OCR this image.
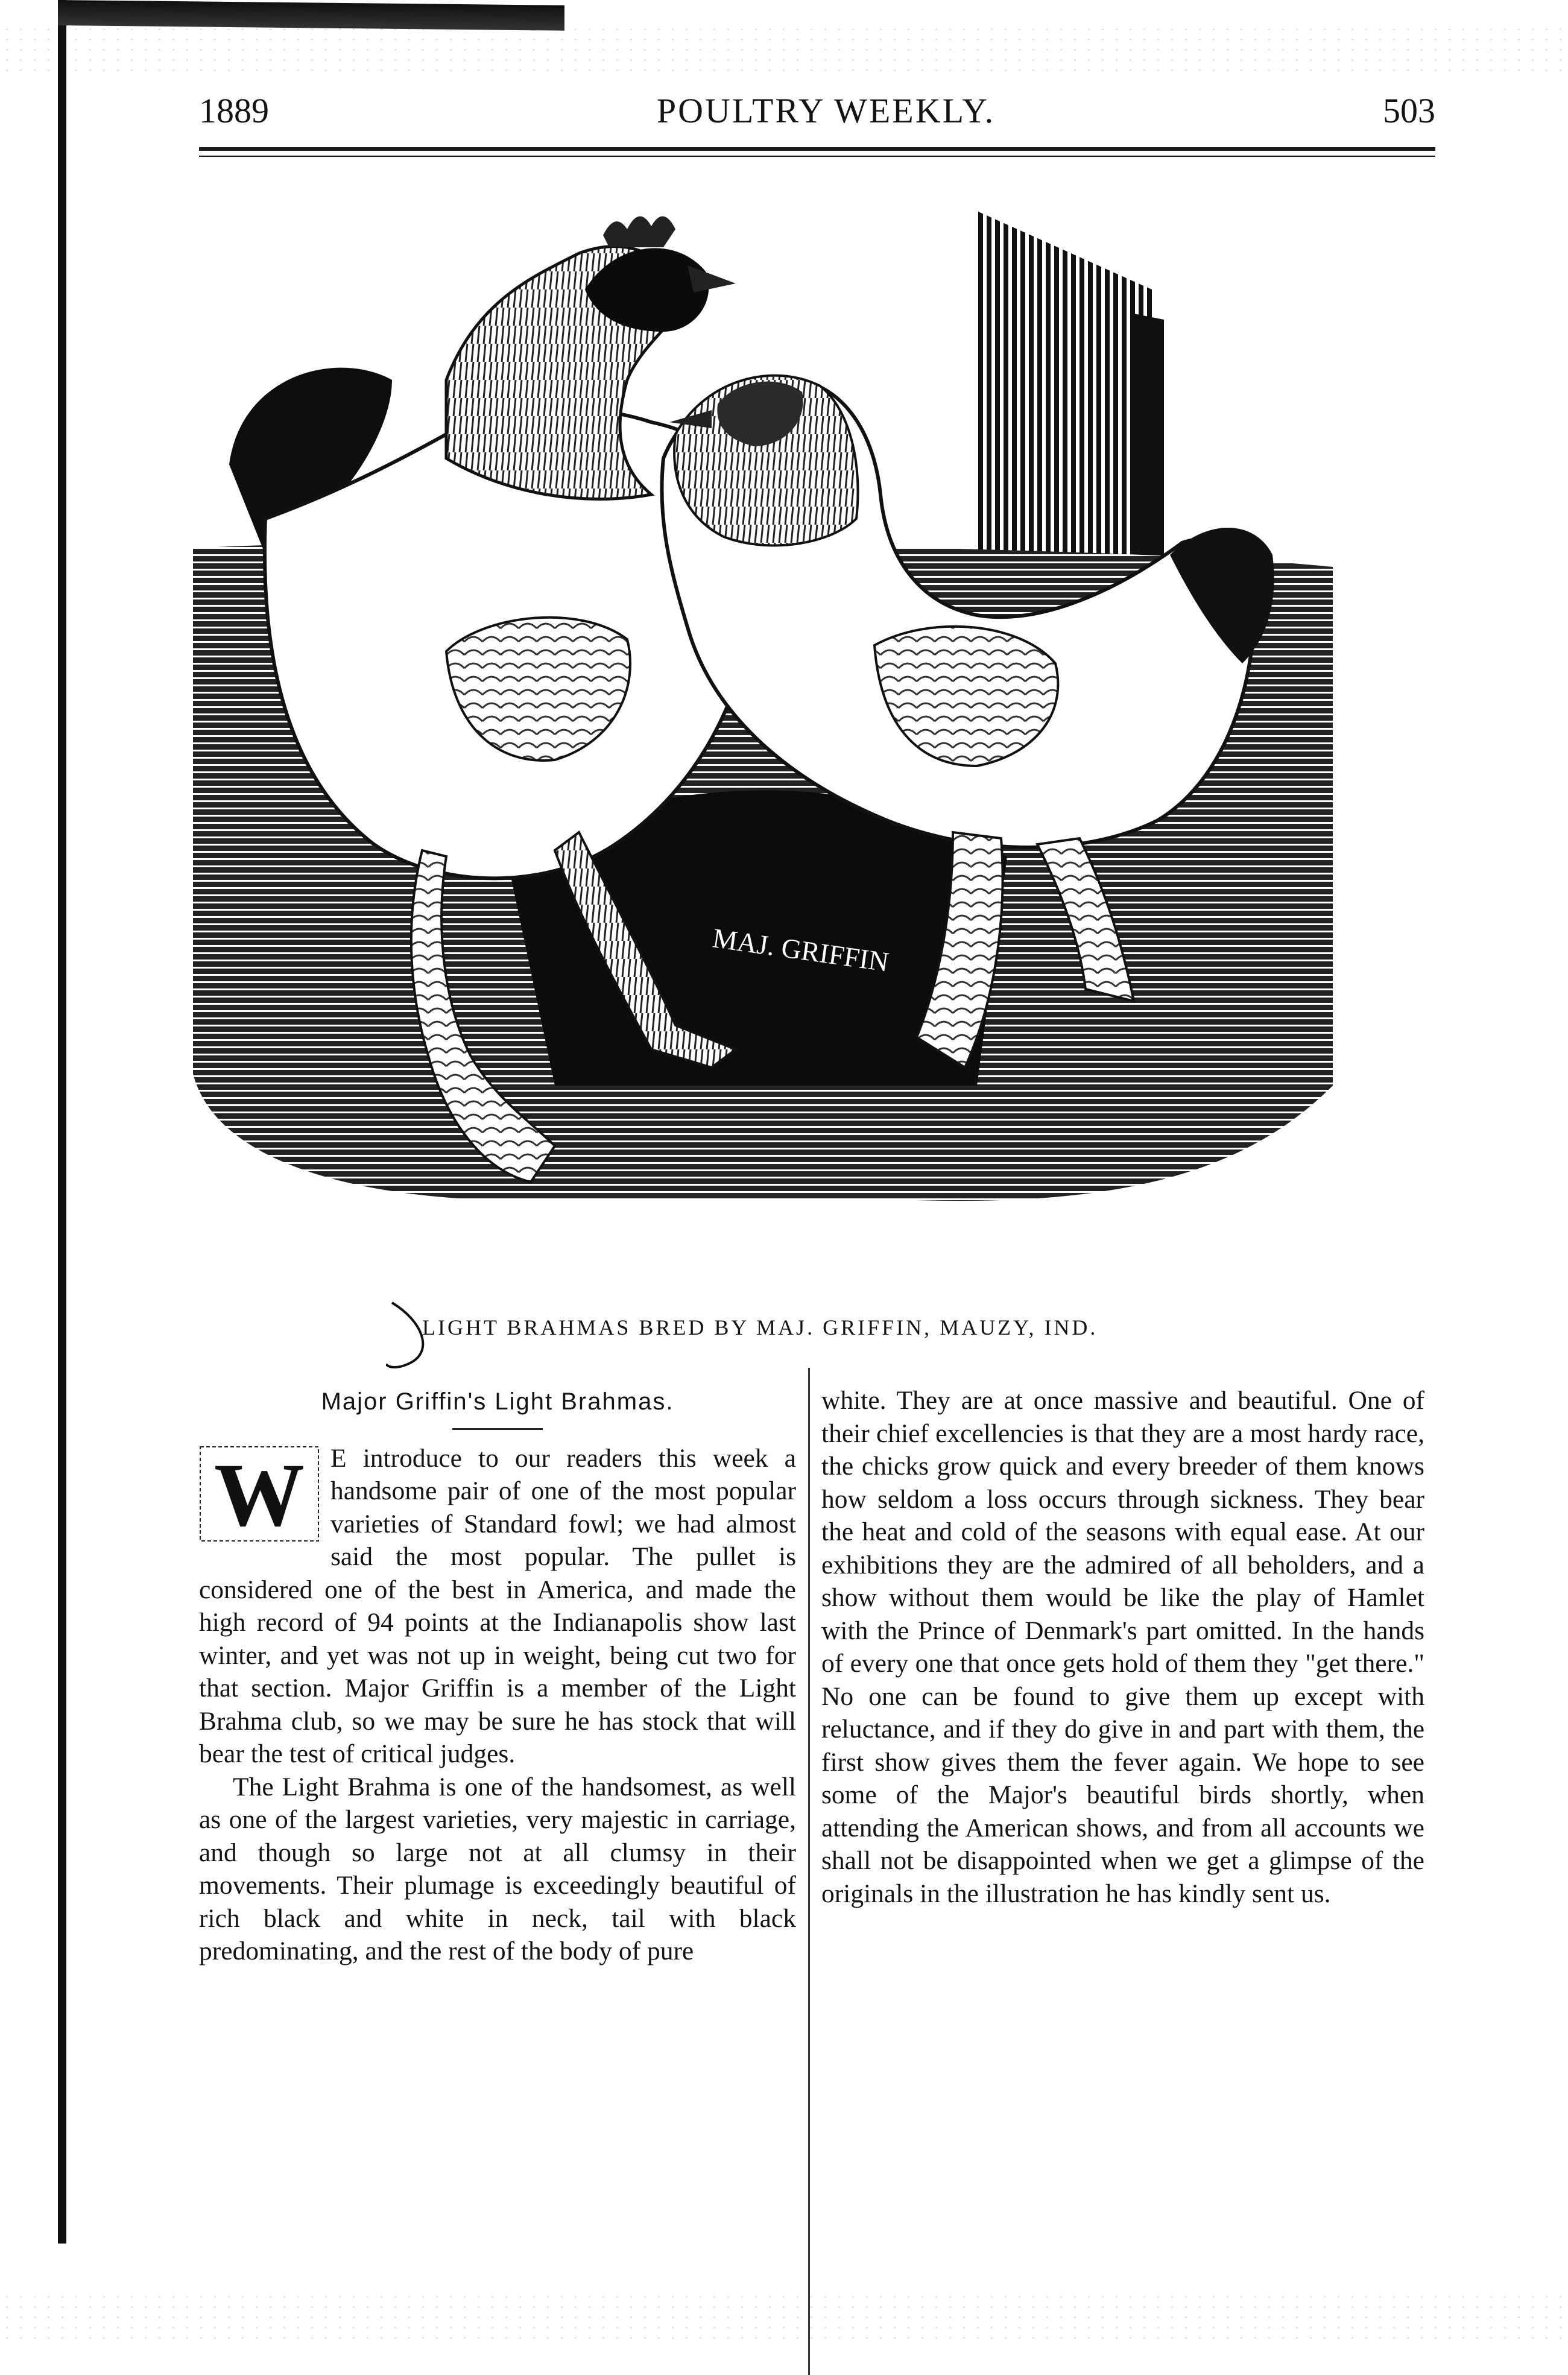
1889	POULTRY WEEKLY.	503
MAJ. GRIFFIN
LIGHT BRAHMAS BRED BY MAJ. GRIFFIN, MAUZY, IND.
Major Griffin's Light Brahmas.

W E introduce to our readers this week a handsome pair of one of the most popular varieties of Standard fowl; we had almost said the most popular. The pullet is considered one of the best in America, and made the high record of 94 points at the Indianapolis show last winter, and yet was not up in weight, being cut two for that section. Major Griffin is a member of the Light Brahma club, so we may be sure he has stock that will bear the test of critical judges.

The Light Brahma is one of the handsomest, as well as one of the largest varieties, very majestic in carriage, and though so large not at all clumsy in their movements. Their plumage is exceedingly beautiful of rich black and white in neck, tail with black predominating, and the rest of the body of pure

white. They are at once massive and beautiful. One of their chief excellencies is that they are a most hardy race, the chicks grow quick and every breeder of them knows how seldom a loss occurs through sickness. They bear the heat and cold of the seasons with equal ease. At our exhibitions they are the admired of all beholders, and a show without them would be like the play of Hamlet with the Prince of Denmark's part omitted. In the hands of every one that once gets hold of them they "get there." No one can be found to give them up except with reluctance, and if they do give in and part with them, the first show gives them the fever again. We hope to see some of the Major's beautiful birds shortly, when attending the American shows, and from all accounts we shall not be disappointed when we get a glimpse of the originals in the illustration he has kindly sent us.
